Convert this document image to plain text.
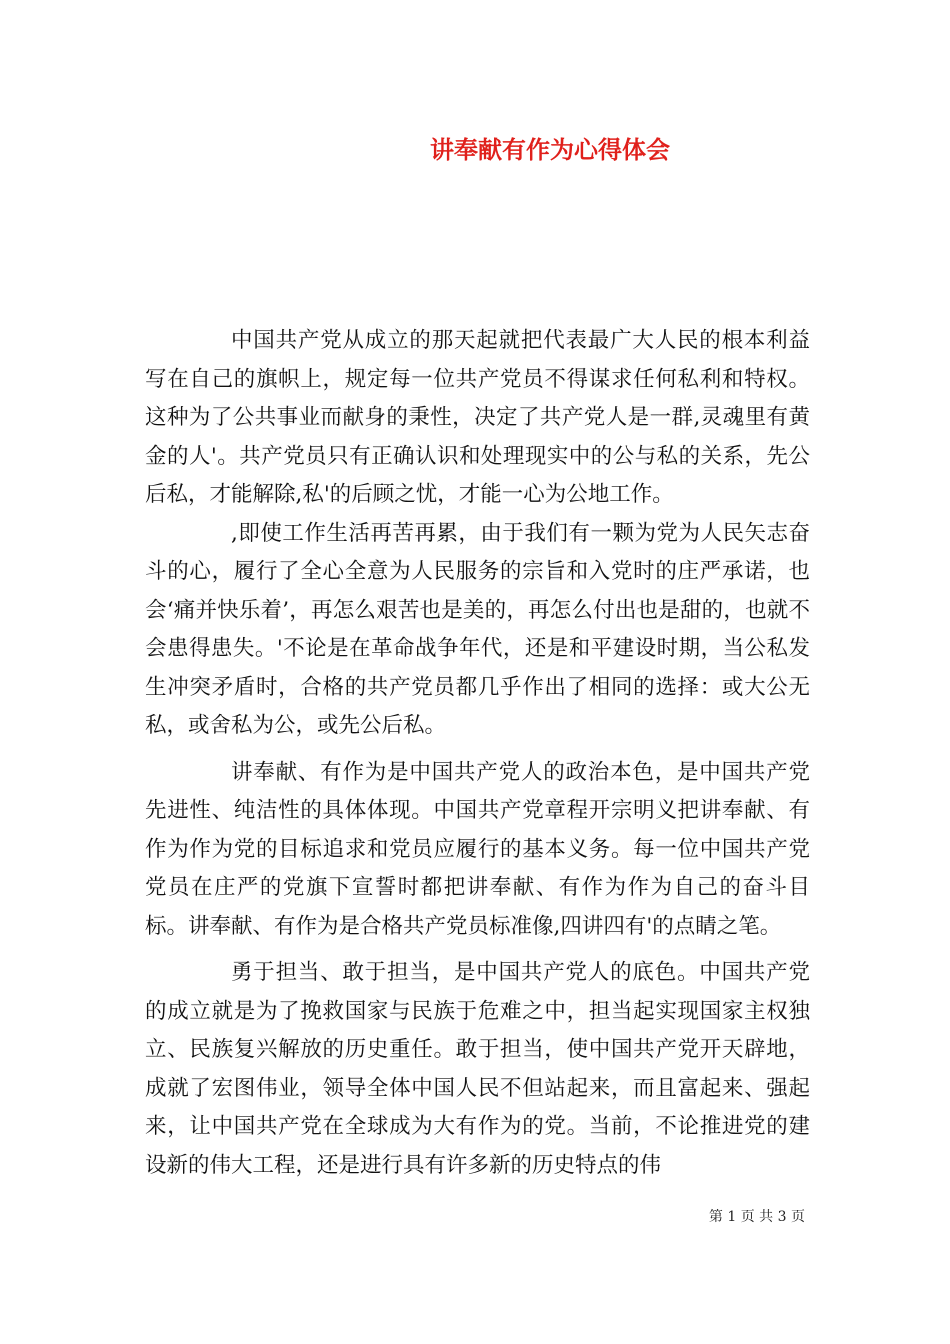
讲奉献有作为心得体会

中国共产党从成立的那天起就把代表最广大人民的根本利益写在自己的旗帜上，规定每一位共产党员不得谋求任何私利和特权。这种为了公共事业而献身的秉性，决定了共产党人是一群,灵魂里有黄金的人'。共产党员只有正确认识和处理现实中的公与私的关系，先公后私，才能解除,私'的后顾之忧，才能一心为公地工作。

,即使工作生活再苦再累，由于我们有一颗为党为人民矢志奋斗的心，履行了全心全意为人民服务的宗旨和入党时的庄严承诺，也会‘痛并快乐着’，再怎么艰苦也是美的，再怎么付出也是甜的，也就不会患得患失。'不论是在革命战争年代，还是和平建设时期，当公私发生冲突矛盾时，合格的共产党员都几乎作出了相同的选择：或大公无私，或舍私为公，或先公后私。

讲奉献、有作为是中国共产党人的政治本色，是中国共产党先进性、纯洁性的具体体现。中国共产党章程开宗明义把讲奉献、有作为作为党的目标追求和党员应履行的基本义务。每一位中国共产党党员在庄严的党旗下宣誓时都把讲奉献、有作为作为自己的奋斗目标。讲奉献、有作为是合格共产党员标准像,四讲四有'的点睛之笔。

勇于担当、敢于担当，是中国共产党人的底色。中国共产党的成立就是为了挽救国家与民族于危难之中，担当起实现国家主权独立、民族复兴解放的历史重任。敢于担当，使中国共产党开天辟地，成就了宏图伟业，领导全体中国人民不但站起来，而且富起来、强起来，让中国共产党在全球成为大有作为的党。当前，不论推进党的建设新的伟大工程，还是进行具有许多新的历史特点的伟

第 1 页 共 3 页
